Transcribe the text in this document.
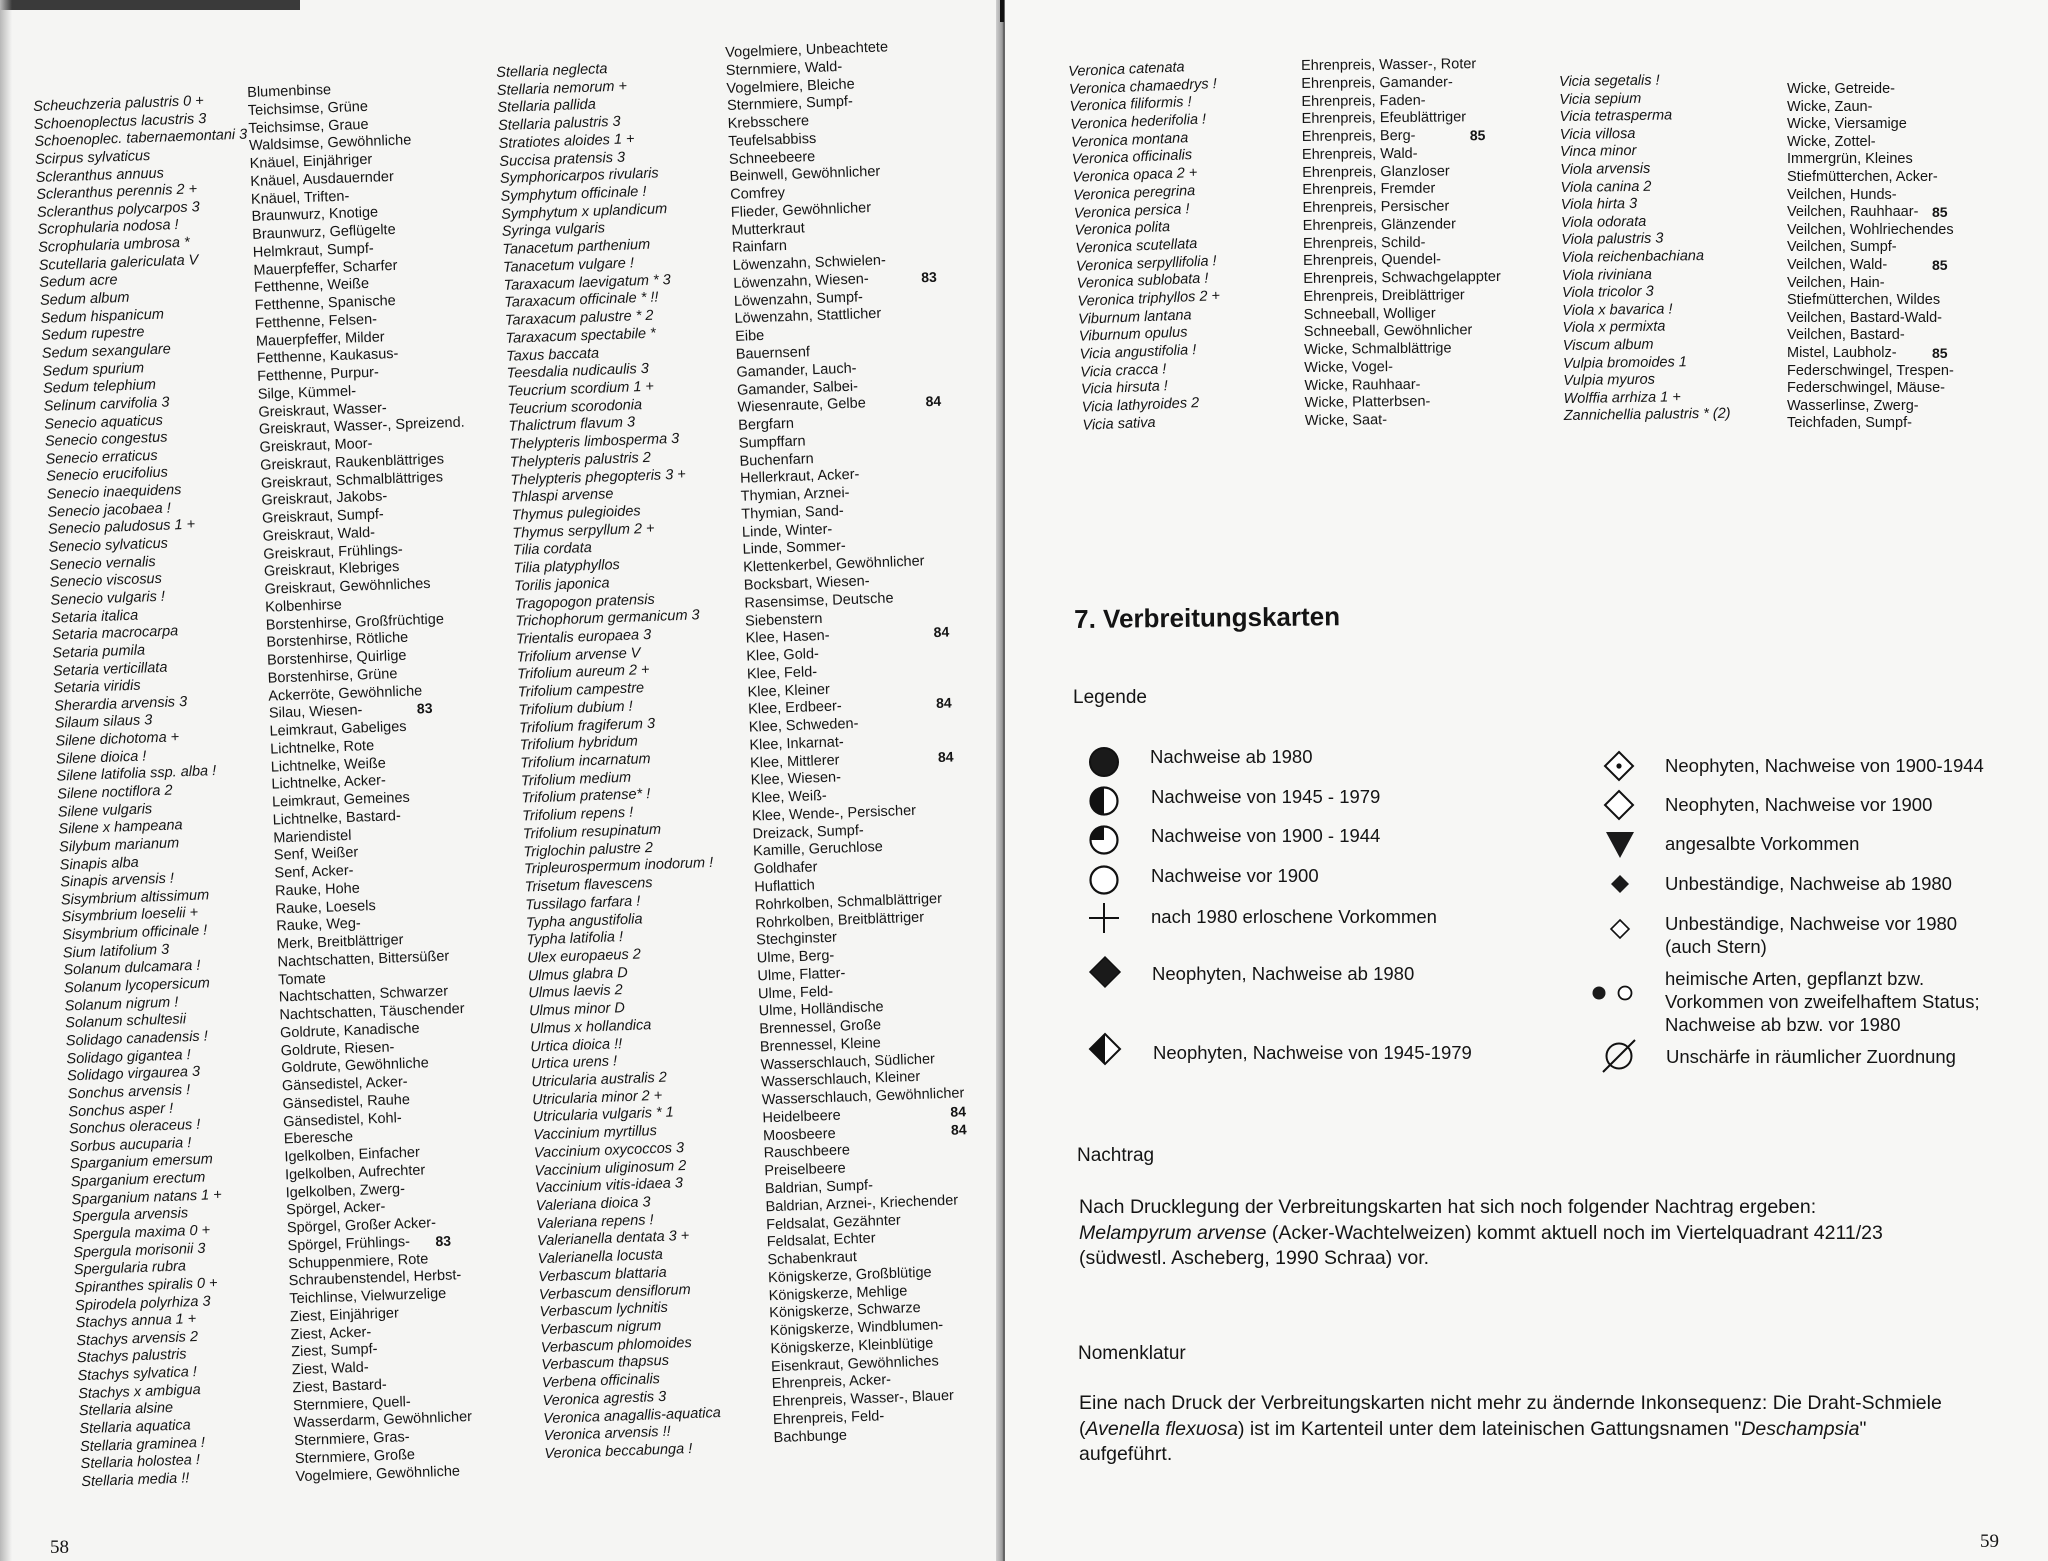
Scheuchzeria palustris 0 +
Schoenoplectus lacustris 3
Schoenoplec. tabernaemontani 3
Scirpus sylvaticus
Scleranthus annuus
Scleranthus perennis 2 +
Scleranthus polycarpos 3
Scrophularia nodosa !
Scrophularia umbrosa *
Scutellaria galericulata V
Sedum acre
Sedum album
Sedum hispanicum
Sedum rupestre
Sedum sexangulare
Sedum spurium
Sedum telephium
Selinum carvifolia 3
Senecio aquaticus
Senecio congestus
Senecio erraticus
Senecio erucifolius
Senecio inaequidens
Senecio jacobaea !
Senecio paludosus 1 +
Senecio sylvaticus
Senecio vernalis
Senecio viscosus
Senecio vulgaris !
Setaria italica
Setaria macrocarpa
Setaria pumila
Setaria verticillata
Setaria viridis
Sherardia arvensis 3
Silaum silaus 3
Silene dichotoma +
Silene dioica !
Silene latifolia ssp. alba !
Silene noctiflora 2
Silene vulgaris
Silene x hampeana
Silybum marianum
Sinapis alba
Sinapis arvensis !
Sisymbrium altissimum
Sisymbrium loeselii +
Sisymbrium officinale !
Sium latifolium 3
Solanum dulcamara !
Solanum lycopersicum
Solanum nigrum !
Solanum schultesii
Solidago canadensis !
Solidago gigantea !
Solidago virgaurea 3
Sonchus arvensis !
Sonchus asper !
Sonchus oleraceus !
Sorbus aucuparia !
Sparganium emersum
Sparganium erectum
Sparganium natans 1 +
Spergula arvensis
Spergula maxima 0 +
Spergula morisonii 3
Spergularia rubra
Spiranthes spiralis 0 +
Spirodela polyrhiza 3
Stachys annua 1 +
Stachys arvensis 2
Stachys palustris
Stachys sylvatica !
Stachys x ambigua
Stellaria alsine
Stellaria aquatica
Stellaria graminea !
Stellaria holostea !
Stellaria media !!
Blumenbinse
Teichsimse, Grüne
Teichsimse, Graue
Waldsimse, Gewöhnliche
Knäuel, Einjähriger
Knäuel, Ausdauernder
Knäuel, Triften-
Braunwurz, Knotige
Braunwurz, Geflügelte
Helmkraut, Sumpf-
Mauerpfeffer, Scharfer
Fetthenne, Weiße
Fetthenne, Spanische
Fetthenne, Felsen-
Mauerpfeffer, Milder
Fetthenne, Kaukasus-
Fetthenne, Purpur-
Silge, Kümmel-
Greiskraut, Wasser-
Greiskraut, Wasser-, Spreizend.
Greiskraut, Moor-
Greiskraut, Raukenblättriges
Greiskraut, Schmalblättriges
Greiskraut, Jakobs-
Greiskraut, Sumpf-
Greiskraut, Wald-
Greiskraut, Frühlings-
Greiskraut, Klebriges
Greiskraut, Gewöhnliches
Kolbenhirse
Borstenhirse, Großfrüchtige
Borstenhirse, Rötliche
Borstenhirse, Quirlige
Borstenhirse, Grüne
Ackerröte, Gewöhnliche
Silau, Wiesen-	83
Leimkraut, Gabeliges
Lichtnelke, Rote
Lichtnelke, Weiße
Lichtnelke, Acker-
Leimkraut, Gemeines
Lichtnelke, Bastard-
Mariendistel
Senf, Weißer
Senf, Acker-
Rauke, Hohe
Rauke, Loesels
Rauke, Weg-
Merk, Breitblättriger
Nachtschatten, Bittersüßer
Tomate
Nachtschatten, Schwarzer
Nachtschatten, Täuschender
Goldrute, Kanadische
Goldrute, Riesen-
Goldrute, Gewöhnliche
Gänsedistel, Acker-
Gänsedistel, Rauhe
Gänsedistel, Kohl-
Eberesche
Igelkolben, Einfacher
Igelkolben, Aufrechter
Igelkolben, Zwerg-
Spörgel, Acker-
Spörgel, Großer Acker-
Spörgel, Frühlings- 83
Schuppenmiere, Rote
Schraubenstendel, Herbst-
Teichlinse, Vielwurzelige
Ziest, Einjähriger
Ziest, Acker-
Ziest, Sumpf-
Ziest, Wald-
Ziest, Bastard-
Sternmiere, Quell-
Wasserdarm, Gewöhnlicher
Sternmiere, Gras-
Sternmiere, Große
Vogelmiere, Gewöhnliche
Stellaria neglecta
Stellaria nemorum +
Stellaria pallida
Stellaria palustris 3
Stratiotes aloides 1 +
Succisa pratensis 3
Symphoricarpos rivularis
Symphytum officinale !
Symphytum x uplandicum
Syringa vulgaris
Tanacetum parthenium
Tanacetum vulgare !
Taraxacum laevigatum * 3
Taraxacum officinale * !!
Taraxacum palustre * 2
Taraxacum spectabile *
Taxus baccata
Teesdalia nudicaulis 3
Teucrium scordium 1 +
Teucrium scorodonia
Thalictrum flavum 3
Thelypteris limbosperma 3
Thelypteris palustris 2
Thelypteris phegopteris 3 +
Thlaspi arvense
Thymus pulegioides
Thymus serpyllum 2 +
Tilia cordata
Tilia platyphyllos
Torilis japonica
Tragopogon pratensis
Trichophorum germanicum 3
Trientalis europaea 3
Trifolium arvense V
Trifolium aureum 2 +
Trifolium campestre
Trifolium dubium !
Trifolium fragiferum 3
Trifolium hybridum
Trifolium incarnatum
Trifolium medium
Trifolium pratense* !
Trifolium repens !
Trifolium resupinatum
Triglochin palustre 2
Tripleurospermum inodorum !
Trisetum flavescens
Tussilago farfara !
Typha angustifolia
Typha latifolia !
Ulex europaeus 2
Ulmus glabra D
Ulmus laevis 2
Ulmus minor D
Ulmus x hollandica
Urtica dioica !!
Urtica urens !
Utricularia australis 2
Utricularia minor 2 +
Utricularia vulgaris * 1
Vaccinium myrtillus
Vaccinium oxycoccos 3
Vaccinium uliginosum 2
Vaccinium vitis-idaea 3
Valeriana dioica 3
Valeriana repens !
Valerianella dentata 3 +
Valerianella locusta
Verbascum blattaria
Verbascum densiflorum
Verbascum lychnitis
Verbascum nigrum
Verbascum phlomoides
Verbascum thapsus
Verbena officinalis
Veronica agrestis 3
Veronica anagallis-aquatica
Veronica arvensis !!
Veronica beccabunga !
Vogelmiere, Unbeachtete
Sternmiere, Wald-
Vogelmiere, Bleiche
Sternmiere, Sumpf-
Krebsschere
Teufelsabbiss
Schneebeere
Beinwell, Gewöhnlicher
Comfrey
Flieder, Gewöhnlicher
Mutterkraut
Rainfarn
Löwenzahn, Schwielen-
Löwenzahn, Wiesen-	83
Löwenzahn, Sumpf-
Löwenzahn, Stattlicher
Eibe
Bauernsenf
Gamander, Lauch-
Gamander, Salbei-
Wiesenraute, Gelbe	84
Bergfarn
Sumpffarn
Buchenfarn
Hellerkraut, Acker-
Thymian, Arznei-
Thymian, Sand-
Linde, Winter-
Linde, Sommer-
Klettenkerbel, Gewöhnlicher
Bocksbart, Wiesen-
Rasensimse, Deutsche
Siebenstern
Klee, Hasen-	84
Klee, Gold-
Klee, Feld-
Klee, Kleiner
Klee, Erdbeer-	84
Klee, Schweden-
Klee, Inkarnat-
Klee, Mittlerer	84
Klee, Wiesen-
Klee, Weiß-
Klee, Wende-, Persischer
Dreizack, Sumpf-
Kamille, Geruchlose
Goldhafer
Huflattich
Rohrkolben, Schmalblättriger
Rohrkolben, Breitblättriger
Stechginster
Ulme, Berg-
Ulme, Flatter-
Ulme, Feld-
Ulme, Holländische
Brennessel, Große
Brennessel, Kleine
Wasserschlauch, Südlicher
Wasserschlauch, Kleiner
Wasserschlauch, Gewöhnlicher
Heidelbeere	84
Moosbeere	84
Rauschbeere
Preiselbeere
Baldrian, Sumpf-
Baldrian, Arznei-, Kriechender
Feldsalat, Gezähnter
Feldsalat, Echter
Schabenkraut
Königskerze, Großblütige
Königskerze, Mehlige
Königskerze, Schwarze
Königskerze, Windblumen-
Königskerze, Kleinblütige
Eisenkraut, Gewöhnliches
Ehrenpreis, Acker-
Ehrenpreis, Wasser-, Blauer
Ehrenpreis, Feld-
Bachbunge
58
Veronica catenata
Veronica chamaedrys !
Veronica filiformis !
Veronica hederifolia !
Veronica montana
Veronica officinalis
Veronica opaca 2 +
Veronica peregrina
Veronica persica !
Veronica polita
Veronica scutellata
Veronica serpyllifolia !
Veronica sublobata !
Veronica triphyllos 2 +
Viburnum lantana
Viburnum opulus
Vicia angustifolia !
Vicia cracca !
Vicia hirsuta !
Vicia lathyroides 2
Vicia sativa
Ehrenpreis, Wasser-, Roter
Ehrenpreis, Gamander-
Ehrenpreis, Faden-
Ehrenpreis, Efeublättriger
Ehrenpreis, Berg-	85
Ehrenpreis, Wald-
Ehrenpreis, Glanzloser
Ehrenpreis, Fremder
Ehrenpreis, Persischer
Ehrenpreis, Glänzender
Ehrenpreis, Schild-
Ehrenpreis, Quendel-
Ehrenpreis, Schwachgelappter
Ehrenpreis, Dreiblättriger
Schneeball, Wolliger
Schneeball, Gewöhnlicher
Wicke, Schmalblättrige
Wicke, Vogel-
Wicke, Rauhhaar-
Wicke, Platterbsen-
Wicke, Saat-
Vicia segetalis !
Vicia sepium
Vicia tetrasperma
Vicia villosa
Vinca minor
Viola arvensis
Viola canina 2
Viola hirta 3
Viola odorata
Viola palustris 3
Viola reichenbachiana
Viola riviniana
Viola tricolor 3
Viola x bavarica !
Viola x permixta
Viscum album
Vulpia bromoides 1
Vulpia myuros
Wolffia arrhiza 1 +
Zannichellia palustris * (2)
Wicke, Getreide-
Wicke, Zaun-
Wicke, Viersamige
Wicke, Zottel-
Immergrün, Kleines
Stiefmütterchen, Acker-
Veilchen, Hunds-
Veilchen, Rauhhaar- 85
Veilchen, Wohlriechendes
Veilchen, Sumpf-
Veilchen, Wald-	85
Veilchen, Hain-
Stiefmütterchen, Wildes
Veilchen, Bastard-Wald-
Veilchen, Bastard-
Mistel, Laubholz-	85
Federschwingel, Trespen-
Federschwingel, Mäuse-
Wasserlinse, Zwerg-
Teichfaden, Sumpf-
7. Verbreitungskarten
Legende
Nachweise ab 1980
Nachweise von 1945 - 1979
Nachweise von 1900 - 1944
Nachweise vor 1900
nach 1980 erloschene Vorkommen
Neophyten, Nachweise ab 1980
Neophyten, Nachweise von 1945-1979
Neophyten, Nachweise von 1900-1944
Neophyten, Nachweise vor 1900
angesalbte Vorkommen
Unbeständige, Nachweise ab 1980
Unbeständige, Nachweise vor 1980
(auch Stern)
heimische Arten, gepflanzt bzw.
Vorkommen von zweifelhaftem Status;
Nachweise ab bzw. vor 1980
Unschärfe in räumlicher Zuordnung
Nachtrag
Nach Drucklegung der Verbreitungskarten hat sich noch folgender Nachtrag ergeben:
Melampyrum arvense (Acker-Wachtelweizen) kommt aktuell noch im Viertelquadrant 4211/23
(südwestl. Ascheberg, 1990 Schraa) vor.
Nomenklatur
Eine nach Druck der Verbreitungskarten nicht mehr zu ändernde Inkonsequenz: Die Draht-Schmiele
(Avenella flexuosa) ist im Kartenteil unter dem lateinischen Gattungsnamen "Deschampsia"
aufgeführt.
59
